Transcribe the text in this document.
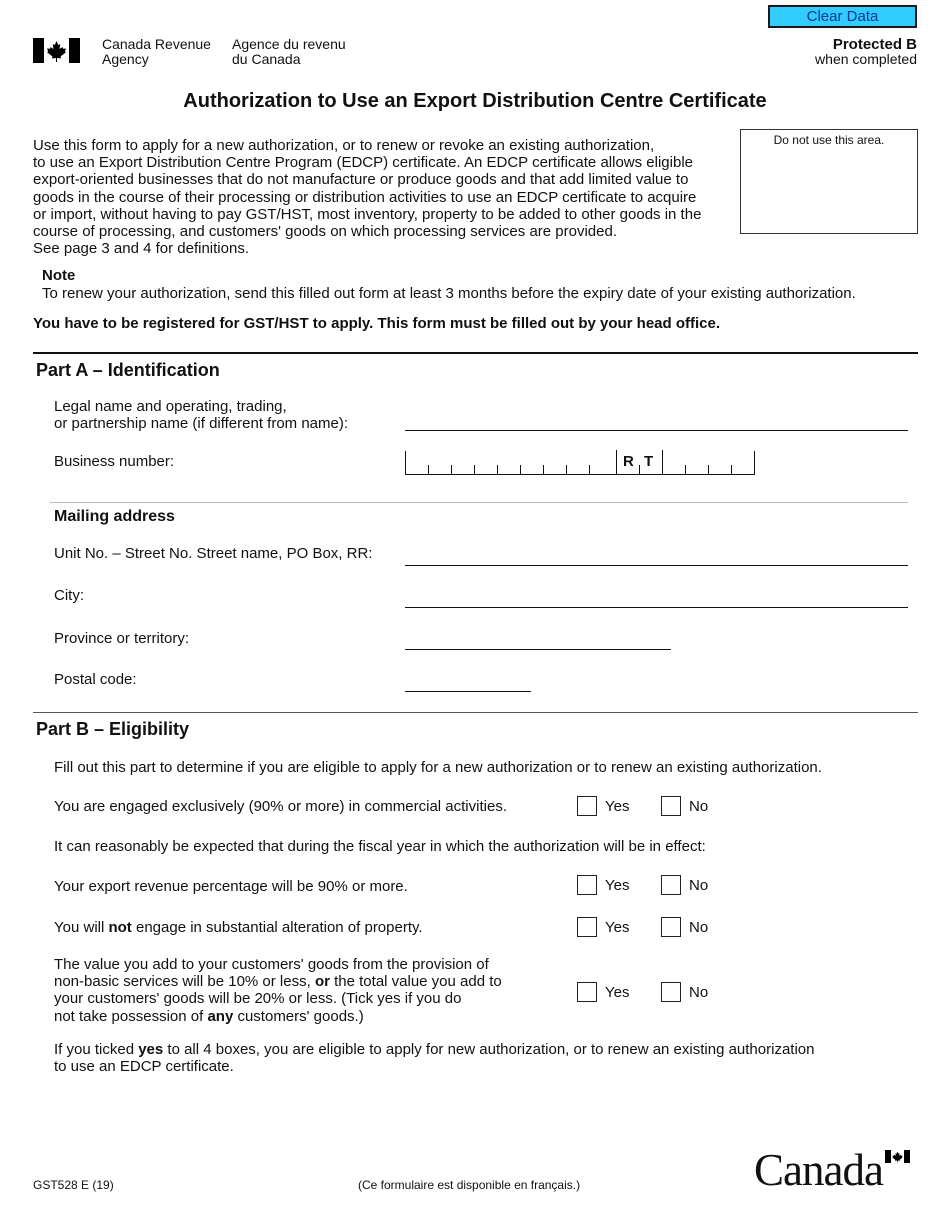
Clear Data
Canada Revenue
Agency
Agence du revenu
du Canada
Protected B
when completed
Authorization to Use an Export Distribution Centre Certificate

Use this form to apply for a new authorization, or to renew or revoke an existing authorization,

to use an Export Distribution Centre Program (EDCP) certificate. An EDCP certificate allows eligible

export-oriented businesses that do not manufacture or produce goods and that add limited value to

goods in the course of their processing or distribution activities to use an EDCP certificate to acquire

or import, without having to pay GST/HST, most inventory, property to be added to other goods in the

course of processing, and customers' goods on which processing services are provided.

See page 3 and 4 for definitions.

Do not use this area.
Note
To renew your authorization, send this filled out form at least 3 months before the expiry date of your existing authorization.
You have to be registered for GST/HST to apply. This form must be filled out by your head office.
Part A – Identification
Legal name and operating, trading,
or partnership name (if different from name):
Business number:	R T
Mailing address
Unit No. – Street No. Street name, PO Box, RR:
City:
Province or territory:
Postal code:
Part B – Eligibility
Fill out this part to determine if you are eligible to apply for a new authorization or to renew an existing authorization.
You are engaged exclusively (90% or more) in commercial activities.	Yes	No
It can reasonably be expected that during the fiscal year in which the authorization will be in effect:
Your export revenue percentage will be 90% or more.	Yes	No
You will not engage in substantial alteration of property.	Yes	No
The value you add to your customers' goods from the provision of
non-basic services will be 10% or less, or the total value you add to
your customers' goods will be 20% or less. (Tick yes if you do
not take possession of any customers' goods.)
Yes	No
If you ticked yes to all 4 boxes, you are eligible to apply for new authorization, or to renew an existing authorization
to use an EDCP certificate.
GST528 E (19)	(Ce formulaire est disponible en français.)	Canada
